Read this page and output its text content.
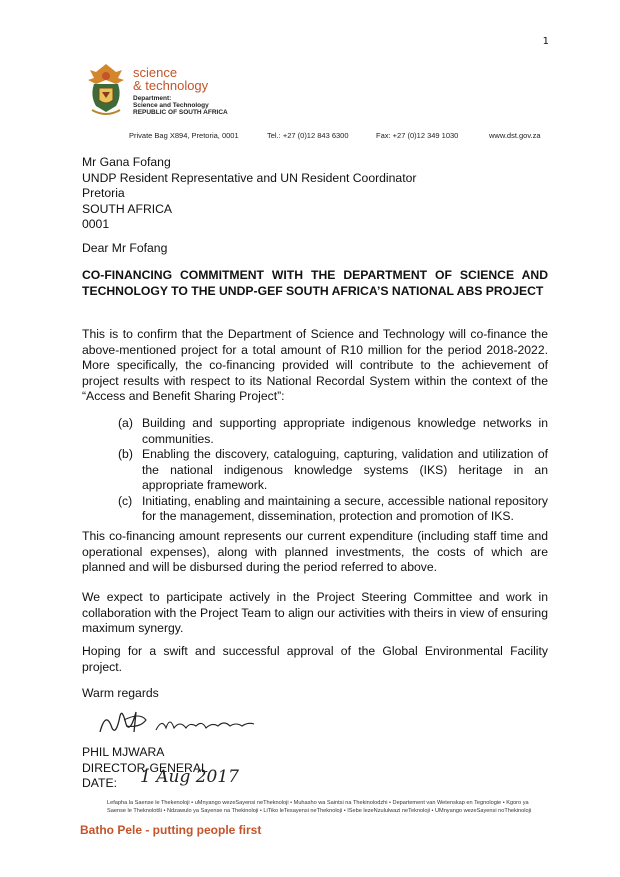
1
science
& technology
Department:
Science and Technology
REPUBLIC OF SOUTH AFRICA
Private Bag X894, Pretoria, 0001	Tel.: +27 (0)12 843 6300	Fax: +27 (0)12 349 1030	www.dst.gov.za
Mr Gana Fofang
UNDP Resident Representative and UN Resident Coordinator
Pretoria
SOUTH AFRICA
0001
Dear Mr Fofang
CO-FINANCING COMMITMENT WITH THE DEPARTMENT OF SCIENCE AND TECHNOLOGY TO THE UNDP-GEF SOUTH AFRICA’S NATIONAL ABS PROJECT
This is to confirm that the Department of Science and Technology will co-finance the above-mentioned project for a total amount of R10 million for the period 2018-2022. More specifically, the co-financing provided will contribute to the achievement of project results with respect to its National Recordal System within the context of the “Access and Benefit Sharing Project”:
(a) Building and supporting appropriate indigenous knowledge networks in communities.
(b) Enabling the discovery, cataloguing, capturing, validation and utilization of the national indigenous knowledge systems (IKS) heritage in an appropriate framework.
(c) Initiating, enabling and maintaining a secure, accessible national repository for the management, dissemination, protection and promotion of IKS.
This co-financing amount represents our current expenditure (including staff time and operational expenses), along with planned investments, the costs of which are planned and will be disbursed during the period referred to above.
We expect to participate actively in the Project Steering Committee and work in collaboration with the Project Team to align our activities with theirs in view of ensuring maximum synergy.
Hoping for a swift and successful approval of the Global Environmental Facility project.
Warm regards
PHIL MJWARA
DIRECTOR-GENERAL
DATE:	1 Aug 2017
Lefapha la Saense le Thekenoloji • uMnyango wezeSayensi neTheknoloji • Muhasho wa Saintsi na Thekinolodzhi • Departement van Wetenskap en Tegnologie • Kgoro ya Saense le Theknolotši • Ndzawulo ya Sayense na Thekinoloji • LiTiko leTesayensi neTheknoloji • ISebe lezeNzululwazi neTeknoloji • UMnyango wezeSayensi noThekinoloji
Batho Pele - putting people first
